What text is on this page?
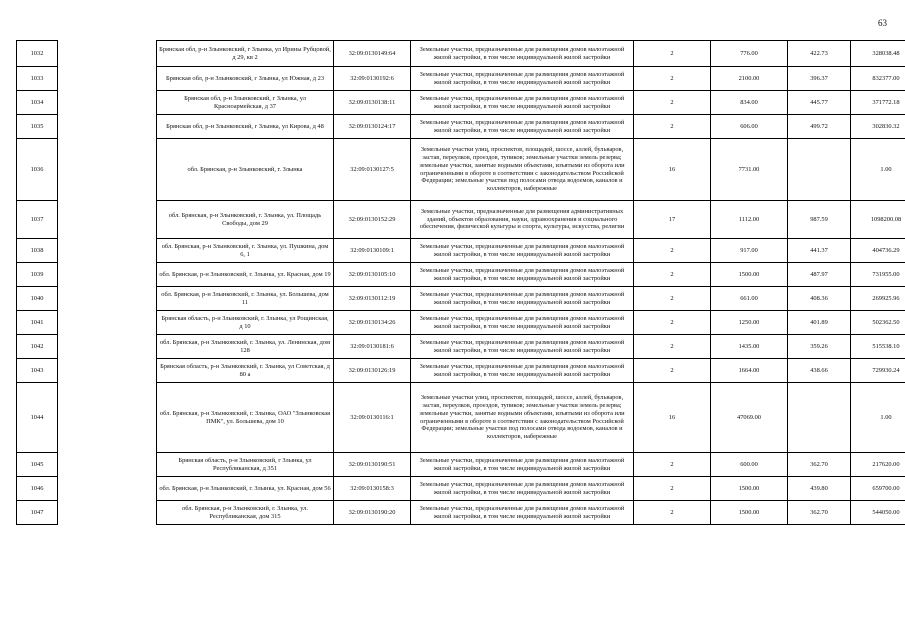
63
1032		Брянская обл, р-н Злынковский, г Злынка, ул Ирины Рубцовой, д 29, кв 2	32:09:0130149:64	Земельные участки, предназначенные для размещения домов малоэтажной жилой застройки, в том числе индивидуальной жилой застройки	2	776.00	422.73	328038.48
1033		Брянская обл, р-н Злынковский, г Злынка, ул Южная, д 23	32:09:0130192:6	Земельные участки, предназначенные для размещения домов малоэтажной жилой застройки, в том числе индивидуальной жилой застройки	2	2100.00	396.37	832377.00
1034		Брянская обл, р-н Злынковский, г Злынка, ул Красноармейская, д 37	32:09:0130138:11	Земельные участки, предназначенные для размещения домов малоэтажной жилой застройки, в том числе индивидуальной жилой застройки	2	834.00	445.77	371772.18
1035		Брянская обл, р-н Злынковский, г Злынка, ул Кирова, д 48	32:09:0130124:17	Земельные участки, предназначенные для размещения домов малоэтажной жилой застройки, в том числе индивидуальной жилой застройки	2	606.00	499.72	302830.32
1036		обл. Брянская, р-н Злынковский, г. Злынка	32:09:0130127:5	Земельные участки улиц, проспектов, площадей, шоссе, аллей, бульваров, застав, переулков, проездов, тупиков; земельные участки земель резерва; земельные участки, занятые водными объектами, изъятыми из оборота или ограниченными в обороте в соответствии с законодательством Российской Федерации; земельные участки под полосами отвода водоемов, каналов и коллекторов, набережные	16	7731.00		1.00
1037		обл. Брянская, р-н Злынковский, г. Злынка, ул. Площадь Свободы, дом 29	32:09:0130152:29	Земельные участки, предназначенные для размещения административных зданий, объектов образования, науки, здравоохранения и социального обеспечения, физической культуры и спорта, культуры, искусства, религии	17	1112.00	987.59	1098200.08
1038		обл. Брянская, р-н Злынковский, г. Злынка, ул. Пушкина, дом 6, 1	32:09:0130109:1	Земельные участки, предназначенные для размещения домов малоэтажной жилой застройки, в том числе индивидуальной жилой застройки	2	917.00	441.37	404736.29
1039		обл. Брянская, р-н Злынковский, г. Злынка, ул. Красная, дом 19	32:09:0130105:10	Земельные участки, предназначенные для размещения домов малоэтажной жилой застройки, в том числе индивидуальной жилой застройки	2	1500.00	487.97	731955.00
1040		обл. Брянская, р-н Злынковский, г. Злынка, ул. Большева, дом 11	32:09:0130112:19	Земельные участки, предназначенные для размещения домов малоэтажной жилой застройки, в том числе индивидуальной жилой застройки	2	661.00	408.36	269925.96
1041		Брянская область, р-н Злынковский, г. Злынка, ул Рощинская, д 10	32:09:0130134:26	Земельные участки, предназначенные для размещения домов малоэтажной жилой застройки, в том числе индивидуальной жилой застройки	2	1250.00	401.89	502362.50
1042		обл. Брянская, р-н Злынковский, г. Злынка, ул. Ленинская, дом 128	32:09:0130181:6	Земельные участки, предназначенные для размещения домов малоэтажной жилой застройки, в том числе индивидуальной жилой застройки	2	1435.00	359.26	515538.10
1043		Брянская область, р-н Злынковский, г. Злынка, ул Советская, д 80 а	32:09:0130126:19	Земельные участки, предназначенные для размещения домов малоэтажной жилой застройки, в том числе индивидуальной жилой застройки	2	1664.00	438.66	729930.24
1044		обл. Брянская, р-н Злынковский, г. Злынка, ОАО "Злынковская ПМК", ул. Большева, дом 10	32:09:0130116:1	Земельные участки улиц, проспектов, площадей, шоссе, аллей, бульваров, застав, переулков, проездов, тупиков; земельные участки земель резерва; земельные участки, занятые водными объектами, изъятыми из оборота или ограниченными в обороте в соответствии с законодательством Российской Федерации; земельные участки под полосами отвода водоемов, каналов и коллекторов, набережные	16	47069.00		1.00
1045		Брянская область, р-н Злынковский, г Злынка, ул Республиканская, д 351	32:09:0130190:51	Земельные участки, предназначенные для размещения домов малоэтажной жилой застройки, в том числе индивидуальной жилой застройки	2	600.00	362.70	217620.00
1046		обл. Брянская, р-н Злынковский, г. Злынка, ул. Красная, дом 56	32:09:0130158:3	Земельные участки, предназначенные для размещения домов малоэтажной жилой застройки, в том числе индивидуальной жилой застройки	2	1500.00	439.80	659700.00
1047		обл. Брянская, р-н Злынковский, г. Злынка, ул. Республиканская, дом 315	32:09:0130190:20	Земельные участки, предназначенные для размещения домов малоэтажной жилой застройки, в том числе индивидуальной жилой застройки	2	1500.00	362.70	544050.00
